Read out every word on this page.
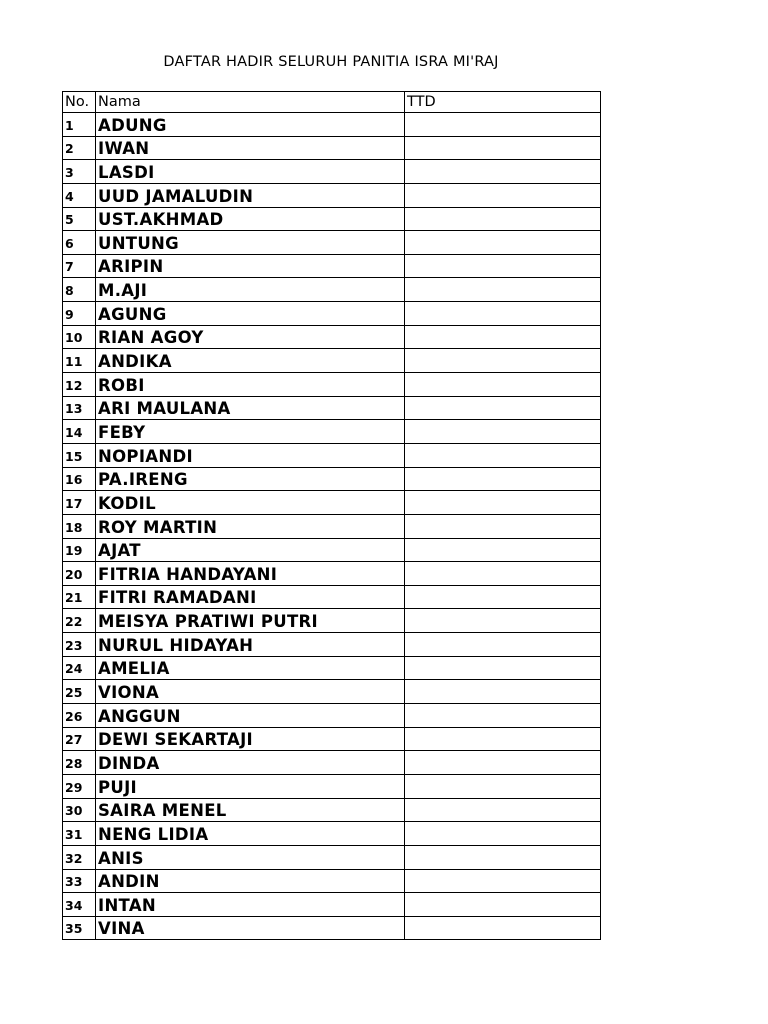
DAFTAR HADIR SELURUH PANITIA ISRA MI'RAJ
No.	Nama	TTD
1	ADUNG	
2	IWAN	
3	LASDI	
4	UUD JAMALUDIN	
5	UST.AKHMAD	
6	UNTUNG	
7	ARIPIN	
8	M.AJI	
9	AGUNG	
10	RIAN AGOY	
11	ANDIKA	
12	ROBI	
13	ARI MAULANA	
14	FEBY	
15	NOPIANDI	
16	PA.IRENG	
17	KODIL	
18	ROY MARTIN	
19	AJAT	
20	FITRIA HANDAYANI	
21	FITRI RAMADANI	
22	MEISYA PRATIWI PUTRI	
23	NURUL HIDAYAH	
24	AMELIA	
25	VIONA	
26	ANGGUN	
27	DEWI SEKARTAJI	
28	DINDA	
29	PUJI	
30	SAIRA MENEL	
31	NENG LIDIA	
32	ANIS	
33	ANDIN	
34	INTAN	
35	VINA	
